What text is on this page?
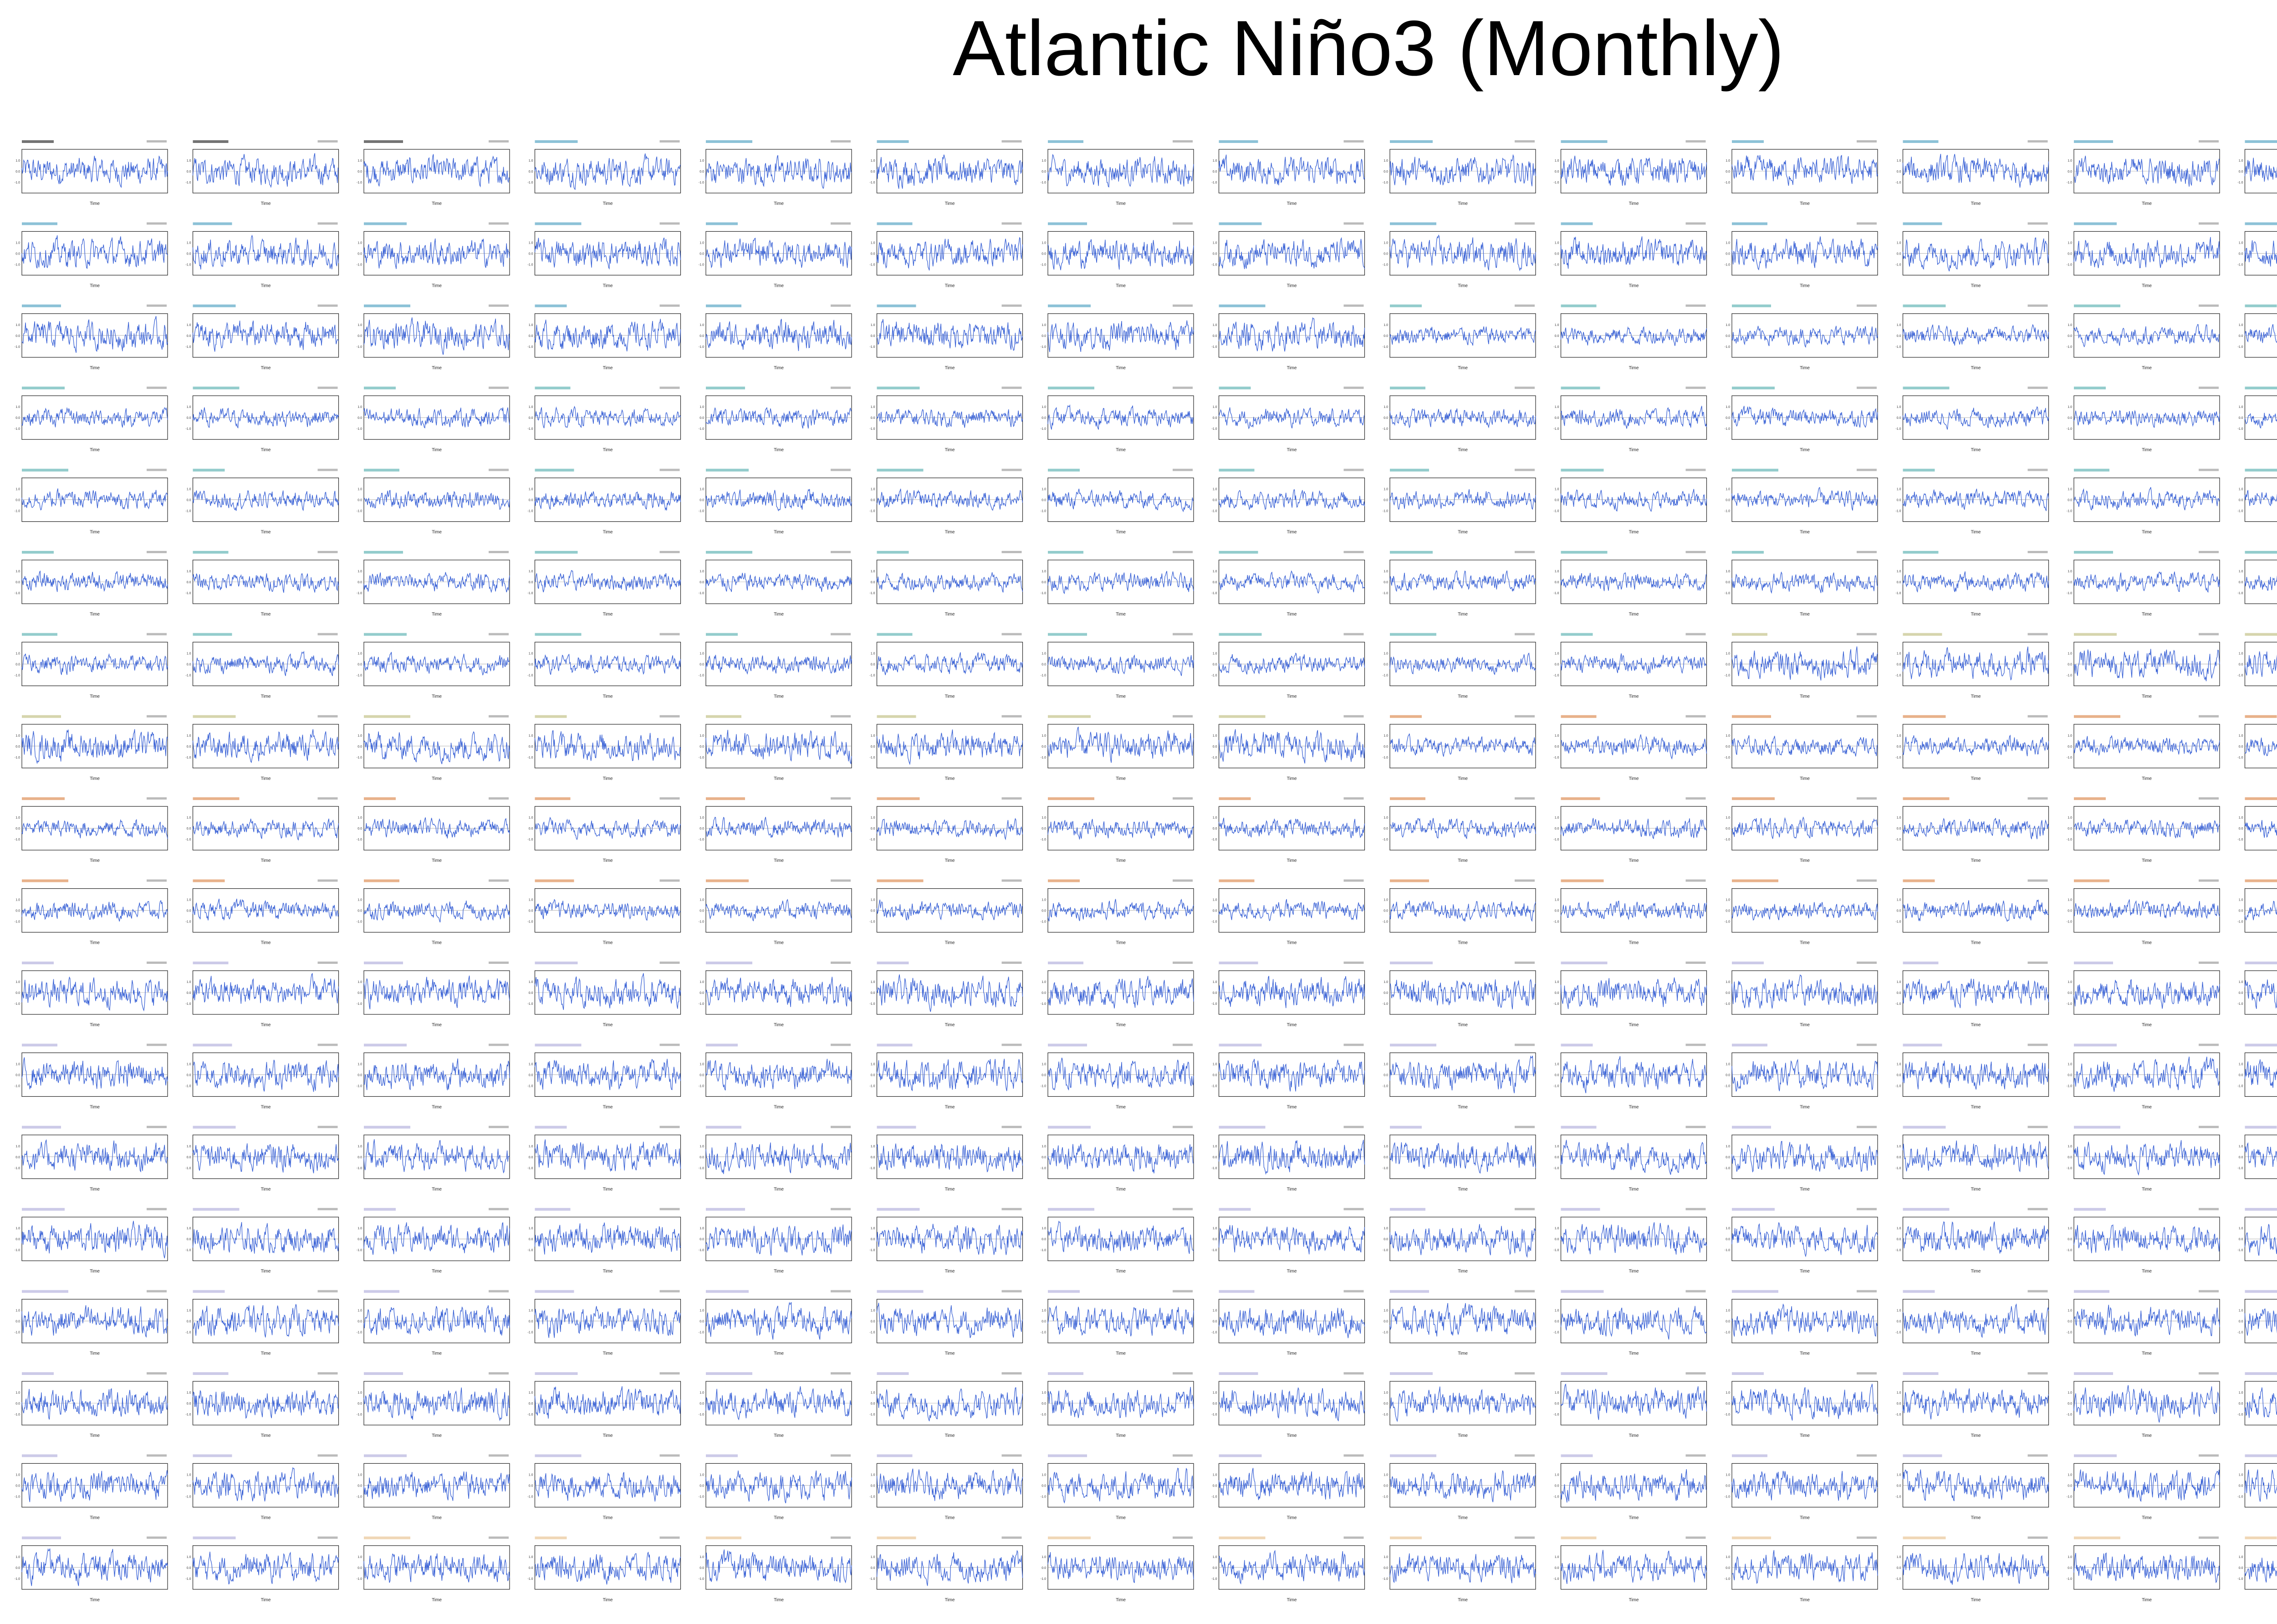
Atlantic Niño3 (Monthly)
1.0
0.0
-1.0
Time
1.0
0.0
-1.0
Time
1.0
0.0
-1.0
Time
1.0
0.0
-1.0
Time
1.0
0.0
-1.0
Time
1.0
0.0
-1.0
Time
1.0
0.0
-1.0
Time
1.0
0.0
-1.0
Time
1.0
0.0
-1.0
Time
1.0
0.0
-1.0
Time
1.0
0.0
-1.0
Time
1.0
0.0
-1.0
Time
1.0
0.0
-1.0
Time
1.0
0.0
-1.0
1.0
0.0
-1.0
Time
1.0
0.0
-1.0
Time
1.0
0.0
-1.0
Time
1.0
0.0
-1.0
Time
1.0
0.0
-1.0
Time
1.0
0.0
-1.0
Time
1.0
0.0
-1.0
Time
1.0
0.0
-1.0
Time
1.0
0.0
-1.0
Time
1.0
0.0
-1.0
Time
1.0
0.0
-1.0
Time
1.0
0.0
-1.0
Time
1.0
0.0
-1.0
Time
1.0
0.0
-1.0
1.0
0.0
-1.0
Time
1.0
0.0
-1.0
Time
1.0
0.0
-1.0
Time
1.0
0.0
-1.0
Time
1.0
0.0
-1.0
Time
1.0
0.0
-1.0
Time
1.0
0.0
-1.0
Time
1.0
0.0
-1.0
Time
1.0
0.0
-1.0
Time
1.0
0.0
-1.0
Time
1.0
0.0
-1.0
Time
1.0
0.0
-1.0
Time
1.0
0.0
-1.0
Time
1.0
0.0
-1.0
1.0
0.0
-1.0
Time
1.0
0.0
-1.0
Time
1.0
0.0
-1.0
Time
1.0
0.0
-1.0
Time
1.0
0.0
-1.0
Time
1.0
0.0
-1.0
Time
1.0
0.0
-1.0
Time
1.0
0.0
-1.0
Time
1.0
0.0
-1.0
Time
1.0
0.0
-1.0
Time
1.0
0.0
-1.0
Time
1.0
0.0
-1.0
Time
1.0
0.0
-1.0
Time
1.0
0.0
-1.0
1.0
0.0
-1.0
Time
1.0
0.0
-1.0
Time
1.0
0.0
-1.0
Time
1.0
0.0
-1.0
Time
1.0
0.0
-1.0
Time
1.0
0.0
-1.0
Time
1.0
0.0
-1.0
Time
1.0
0.0
-1.0
Time
1.0
0.0
-1.0
Time
1.0
0.0
-1.0
Time
1.0
0.0
-1.0
Time
1.0
0.0
-1.0
Time
1.0
0.0
-1.0
Time
1.0
0.0
-1.0
1.0
0.0
-1.0
Time
1.0
0.0
-1.0
Time
1.0
0.0
-1.0
Time
1.0
0.0
-1.0
Time
1.0
0.0
-1.0
Time
1.0
0.0
-1.0
Time
1.0
0.0
-1.0
Time
1.0
0.0
-1.0
Time
1.0
0.0
-1.0
Time
1.0
0.0
-1.0
Time
1.0
0.0
-1.0
Time
1.0
0.0
-1.0
Time
1.0
0.0
-1.0
Time
1.0
0.0
-1.0
1.0
0.0
-1.0
Time
1.0
0.0
-1.0
Time
1.0
0.0
-1.0
Time
1.0
0.0
-1.0
Time
1.0
0.0
-1.0
Time
1.0
0.0
-1.0
Time
1.0
0.0
-1.0
Time
1.0
0.0
-1.0
Time
1.0
0.0
-1.0
Time
1.0
0.0
-1.0
Time
1.0
0.0
-1.0
Time
1.0
0.0
-1.0
Time
1.0
0.0
-1.0
Time
1.0
0.0
-1.0
1.0
0.0
-1.0
Time
1.0
0.0
-1.0
Time
1.0
0.0
-1.0
Time
1.0
0.0
-1.0
Time
1.0
0.0
-1.0
Time
1.0
0.0
-1.0
Time
1.0
0.0
-1.0
Time
1.0
0.0
-1.0
Time
1.0
0.0
-1.0
Time
1.0
0.0
-1.0
Time
1.0
0.0
-1.0
Time
1.0
0.0
-1.0
Time
1.0
0.0
-1.0
Time
1.0
0.0
-1.0
1.0
0.0
-1.0
Time
1.0
0.0
-1.0
Time
1.0
0.0
-1.0
Time
1.0
0.0
-1.0
Time
1.0
0.0
-1.0
Time
1.0
0.0
-1.0
Time
1.0
0.0
-1.0
Time
1.0
0.0
-1.0
Time
1.0
0.0
-1.0
Time
1.0
0.0
-1.0
Time
1.0
0.0
-1.0
Time
1.0
0.0
-1.0
Time
1.0
0.0
-1.0
Time
1.0
0.0
-1.0
1.0
0.0
-1.0
Time
1.0
0.0
-1.0
Time
1.0
0.0
-1.0
Time
1.0
0.0
-1.0
Time
1.0
0.0
-1.0
Time
1.0
0.0
-1.0
Time
1.0
0.0
-1.0
Time
1.0
0.0
-1.0
Time
1.0
0.0
-1.0
Time
1.0
0.0
-1.0
Time
1.0
0.0
-1.0
Time
1.0
0.0
-1.0
Time
1.0
0.0
-1.0
Time
1.0
0.0
-1.0
1.0
0.0
-1.0
Time
1.0
0.0
-1.0
Time
1.0
0.0
-1.0
Time
1.0
0.0
-1.0
Time
1.0
0.0
-1.0
Time
1.0
0.0
-1.0
Time
1.0
0.0
-1.0
Time
1.0
0.0
-1.0
Time
1.0
0.0
-1.0
Time
1.0
0.0
-1.0
Time
1.0
0.0
-1.0
Time
1.0
0.0
-1.0
Time
1.0
0.0
-1.0
Time
1.0
0.0
-1.0
1.0
0.0
-1.0
Time
1.0
0.0
-1.0
Time
1.0
0.0
-1.0
Time
1.0
0.0
-1.0
Time
1.0
0.0
-1.0
Time
1.0
0.0
-1.0
Time
1.0
0.0
-1.0
Time
1.0
0.0
-1.0
Time
1.0
0.0
-1.0
Time
1.0
0.0
-1.0
Time
1.0
0.0
-1.0
Time
1.0
0.0
-1.0
Time
1.0
0.0
-1.0
Time
1.0
0.0
-1.0
1.0
0.0
-1.0
Time
1.0
0.0
-1.0
Time
1.0
0.0
-1.0
Time
1.0
0.0
-1.0
Time
1.0
0.0
-1.0
Time
1.0
0.0
-1.0
Time
1.0
0.0
-1.0
Time
1.0
0.0
-1.0
Time
1.0
0.0
-1.0
Time
1.0
0.0
-1.0
Time
1.0
0.0
-1.0
Time
1.0
0.0
-1.0
Time
1.0
0.0
-1.0
Time
1.0
0.0
-1.0
1.0
0.0
-1.0
Time
1.0
0.0
-1.0
Time
1.0
0.0
-1.0
Time
1.0
0.0
-1.0
Time
1.0
0.0
-1.0
Time
1.0
0.0
-1.0
Time
1.0
0.0
-1.0
Time
1.0
0.0
-1.0
Time
1.0
0.0
-1.0
Time
1.0
0.0
-1.0
Time
1.0
0.0
-1.0
Time
1.0
0.0
-1.0
Time
1.0
0.0
-1.0
Time
1.0
0.0
-1.0
1.0
0.0
-1.0
Time
1.0
0.0
-1.0
Time
1.0
0.0
-1.0
Time
1.0
0.0
-1.0
Time
1.0
0.0
-1.0
Time
1.0
0.0
-1.0
Time
1.0
0.0
-1.0
Time
1.0
0.0
-1.0
Time
1.0
0.0
-1.0
Time
1.0
0.0
-1.0
Time
1.0
0.0
-1.0
Time
1.0
0.0
-1.0
Time
1.0
0.0
-1.0
Time
1.0
0.0
-1.0
1.0
0.0
-1.0
Time
1.0
0.0
-1.0
Time
1.0
0.0
-1.0
Time
1.0
0.0
-1.0
Time
1.0
0.0
-1.0
Time
1.0
0.0
-1.0
Time
1.0
0.0
-1.0
Time
1.0
0.0
-1.0
Time
1.0
0.0
-1.0
Time
1.0
0.0
-1.0
Time
1.0
0.0
-1.0
Time
1.0
0.0
-1.0
Time
1.0
0.0
-1.0
Time
1.0
0.0
-1.0
1.0
0.0
-1.0
Time
1.0
0.0
-1.0
Time
1.0
0.0
-1.0
Time
1.0
0.0
-1.0
Time
1.0
0.0
-1.0
Time
1.0
0.0
-1.0
Time
1.0
0.0
-1.0
Time
1.0
0.0
-1.0
Time
1.0
0.0
-1.0
Time
1.0
0.0
-1.0
Time
1.0
0.0
-1.0
Time
1.0
0.0
-1.0
Time
1.0
0.0
-1.0
Time
1.0
0.0
-1.0
1.0
0.0
-1.0
Time
1.0
0.0
-1.0
Time
1.0
0.0
-1.0
Time
1.0
0.0
-1.0
Time
1.0
0.0
-1.0
Time
1.0
0.0
-1.0
Time
1.0
0.0
-1.0
Time
1.0
0.0
-1.0
Time
1.0
0.0
-1.0
Time
1.0
0.0
-1.0
Time
1.0
0.0
-1.0
Time
1.0
0.0
-1.0
Time
1.0
0.0
-1.0
Time
1.0
0.0
-1.0
